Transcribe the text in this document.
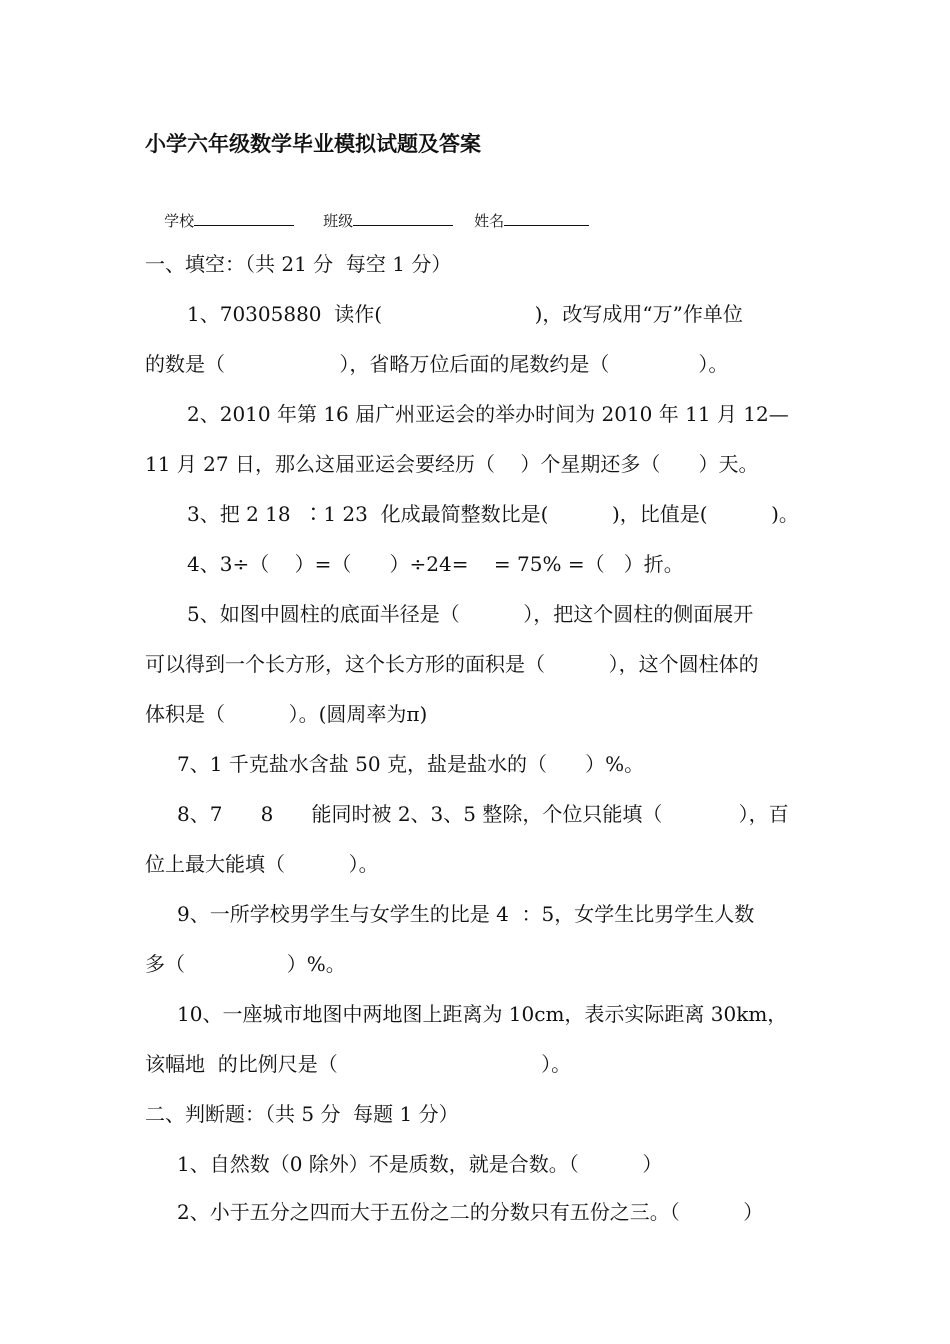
小学六年级数学毕业模拟试题及答案

学校
	班级
	姓名

一、填空：（共 21 分  每空 1 分）
1、70305880  读作(                        )，改写成用“万”作单位
的数是（                  ），省略万位后面的尾数约是（              ）。
2、2010 年第 16 届广州亚运会的举办时间为 2010 年 11 月 12—
11 月 27 日，那么这届亚运会要经历（    ）个星期还多（      ）天。
3、把 2 18  ∶1 23  化成最简整数比是(          )，比值是(          )。
4、3÷（    ）=（      ）÷24=    = 75% =（   ）折。
5、如图中圆柱的底面半径是（          ），把这个圆柱的侧面展开
可以得到一个长方形，这个长方形的面积是（          ），这个圆柱体的
体积是（          ）。(圆周率为π)
7、1 千克盐水含盐 50 克，盐是盐水的（      ）%。
8、7      8      能同时被 2、3、5 整除，个位只能填（            ），百
位上最大能填（          ）。
9、一所学校男学生与女学生的比是 4  ：5，女学生比男学生人数
多（                ）%。
10、一座城市地图中两地图上距离为 10cm，表示实际距离 30km，
该幅地  的比例尺是（                                ）。
二、判断题：（共 5 分  每题 1 分）
1、自然数（0 除外）不是质数，就是合数。（          ）
2、小于五分之四而大于五份之二的分数只有五份之三。（          ）
